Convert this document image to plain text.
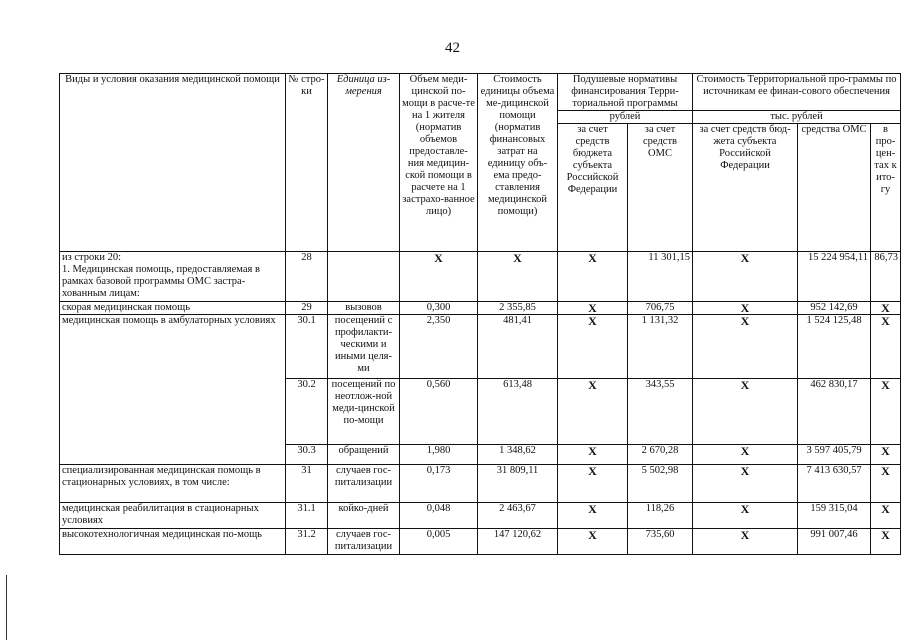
42
Виды и условия оказания медицинской помощи	№ стро-ки	Единица из-мерения	Объем меди-цинской по-мощи в расче-те на 1 жителя (норматив объемов предоставле-ния медицин-ской помощи в расчете на 1 застрахо-ванное лицо)	Стоимость единицы объема ме-дицинской помощи (норматив финансовых затрат на единицу объ-ема предо-ставления медицинской помощи)	Подушевые нормативы финансирования Терри-ториальной программы		Стоимость Территориальной про-граммы по источникам ее финан-сового обеспечения		
					рублей		тыс. рублей		
					за счет средств бюджета субъекта Российской Федерации	за счет средств ОМС	за счет средств бюд-жета субъекта Российской Федерации	средства ОМС	в про-цен-тах к ито-гу
из строки 20:
1. Медицинская помощь, предоставляемая в рамках базовой программы ОМС застра-хованным лицам:	28		X	X	X	11 301,15	X	15 224 954,11	86,73
скорая медицинская помощь	29	вызовов	0,300	2 355,85	X	706,75	X	952 142,69	X
медицинская помощь в амбулаторных условиях	30.1	посещений с профилакти-ческими и иными целя-ми	2,350	481,41	X	1 131,32	X	1 524 125,48	X
	30.2	посещений по неотлож-ной меди-цинской по-мощи	0,560	613,48	X	343,55	X	462 830,17	X
	30.3	обращений	1,980	1 348,62	X	2 670,28	X	3 597 405,79	X
специализированная медицинская помощь в стационарных условиях, в том числе:	31	случаев гос-питализации	0,173	31 809,11	X	5 502,98	X	7 413 630,57	X
медицинская реабилитация в стационарных условиях	31.1	койко-дней	0,048	2 463,67	X	118,26	X	159 315,04	X
высокотехнологичная медицинская по-мощь	31.2	случаев гос-питализации	0,005	147 120,62	X	735,60	X	991 007,46	X
